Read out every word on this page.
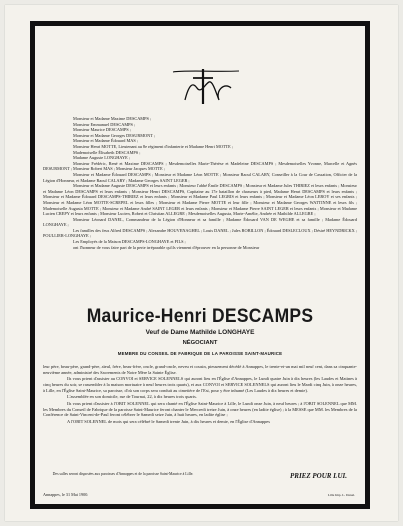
Monsieur et Madame Maxime DESCAMPS ;

Monsieur Emmanuel DESCAMPS ;

Monsieur Maurice DESCAMPS ;

Monsieur et Madame Georges DESURMONT ;

Monsieur et Madame Édouard MAS ;

Monsieur Henri MOTTE, Lieutenant au 8e régiment d'infanterie et Madame Henri MOTTE ;

Mademoiselle Élisabeth DESCAMPS ;

Madame Auguste LONGHAYE ;

Monsieur Frédéric, René et Maxime DESCAMPS ; Mesdemoiselles Marie-Thérèse et Madeleine DESCAMPS ; Mesdemoiselles Yvonne, Marcelle et Agnès DESURMONT ; Monsieur Robert MAS ; Monsieur Jacques MOTTE ;

Monsieur et Madame Édouard DESCAMPS ; Monsieur et Madame Léon MOTTE ; Monsieur Raoul CALARY, Conseiller à la Cour de Cassation, Officier de la Légion d'Honneur, et Madame Raoul CALARY ; Madame Georges SAINT LEGER ;

Monsieur et Madame Auguste DESCAMPS et leurs enfants ; Monsieur l'abbé Émile DESCAMPS ; Monsieur et Madame Jules THIRIEZ et leurs enfants ; Monsieur et Madame Léon DESCAMPS et leurs enfants ; Monsieur Henri DESCAMPS, Capitaine au 17e bataillon de chasseurs à pied, Madame Henri DESCAMPS et leurs enfants ; Monsieur et Madame Édouard DESCAMPS-THIRIEZ et leurs enfants ; Monsieur et Madame Paul LEGRIS et leurs enfants ; Monsieur et Madame Léon LEROY et ses enfants ; Monsieur et Madame Léon MOTTE-SCREPEL et leurs filles ; Monsieur et Madame Pierre MOTTE et leur fille ; Monsieur et Madame Georges WATTINNE et leurs fils ; Mademoiselle Augusta MOTTE ; Monsieur et Madame André SAINT LEGER et leurs enfants ; Monsieur et Madame Pierre SAINT LEGER et leurs enfants ; Monsieur et Madame Lucien CREPY et leurs enfants ; Monsieur Lucien, Robert et Christian ALLEGRE ; Mesdemoiselles Augusta, Marie-Amélie, Andrée et Mathilde ALLEGRE ;

Monsieur Léonard DANEL, Commandeur de la Légion d'Honneur et sa famille ; Madame Édouard VAN DE WEGHE et sa famille ; Madame Édouard LONGHAYE ;

Les familles des feus Alfred DESCAMPS ; Alexandre HOUVENAGHEL ; Louis DANEL ; Jules ROBILLON ; Édouard DESLECLOUX ; Désiré HEYNDRICKX ; POULLIER-LONGHAYE ;

Les Employés de la Maison DESCAMPS-LONGHAYE et FILS ;

ont l'honneur de vous faire part de la perte irréparable qu'ils viennent d'éprouver en la personne de Monsieur

Maurice-Henri DESCAMPS
Veuf de Dame Mathilde LONGHAYE
NÉGOCIANT
MEMBRE DU CONSEIL DE FABRIQUE DE LA PAROISSE SAINT-MAURICE

leur père, beau-père, grand-père, aïeul, frère, beau-frère, oncle, grand-oncle, neveu et cousin, pieusement décédé à Annappes, le trente-et-un mai mil neuf cent, dans sa cinquante-neuvième année, administré des Sacrements de Notre Mère la Sainte Église.

Ils vous prient d'assister au CONVOI et SERVICE SOLENNELS qui auront lieu en l'Église d'Annappes, le Lundi quatre Juin à dix heures (les Laudes et Matines à cinq heures du soir, se rassembler à la maison mortuaire à neuf heures trois quarts), et aux CONVOI et SERVICE SOLENNELS qui auront lieu le Mardi cinq Juin, à onze heures, à Lille, en l'Église Saint-Maurice, sa paroisse, d'où son corps sera conduit au cimetière de l'Est, pour y être inhumé (Les Laudes à dix heures et demie).

L'assemblée en son domicile, rue de Tournai, 22, à dix heures trois quarts.

Ils vous prient d'assister à l'OBIT SOLENNEL qui sera chanté en l'Église Saint-Maurice à Lille, le Lundi onze Juin, à neuf heures ; à l'OBIT SOLENNEL que MM. les Membres du Conseil de Fabrique de la paroisse Saint-Maurice feront chanter le Mercredi treize Juin, à onze heures (en ladite église) ; à la MESSE que MM. les Membres de la Conférence de Saint-Vincent-de-Paul feront célébrer le Samedi seize Juin, à huit heures, en ladite église ;

A l'OBIT SOLENNEL de mois qui sera célébré le Samedi trente Juin, à dix heures et demie, en l'Église d'Annappes

Des salles seront disposées aux paroisses d'Annappes et de la paroisse Saint-Maurice à Lille.	PRIEZ POUR LUI.
Annappes, le 31 Mai 1900.	Lille Imp. L. Danel.
